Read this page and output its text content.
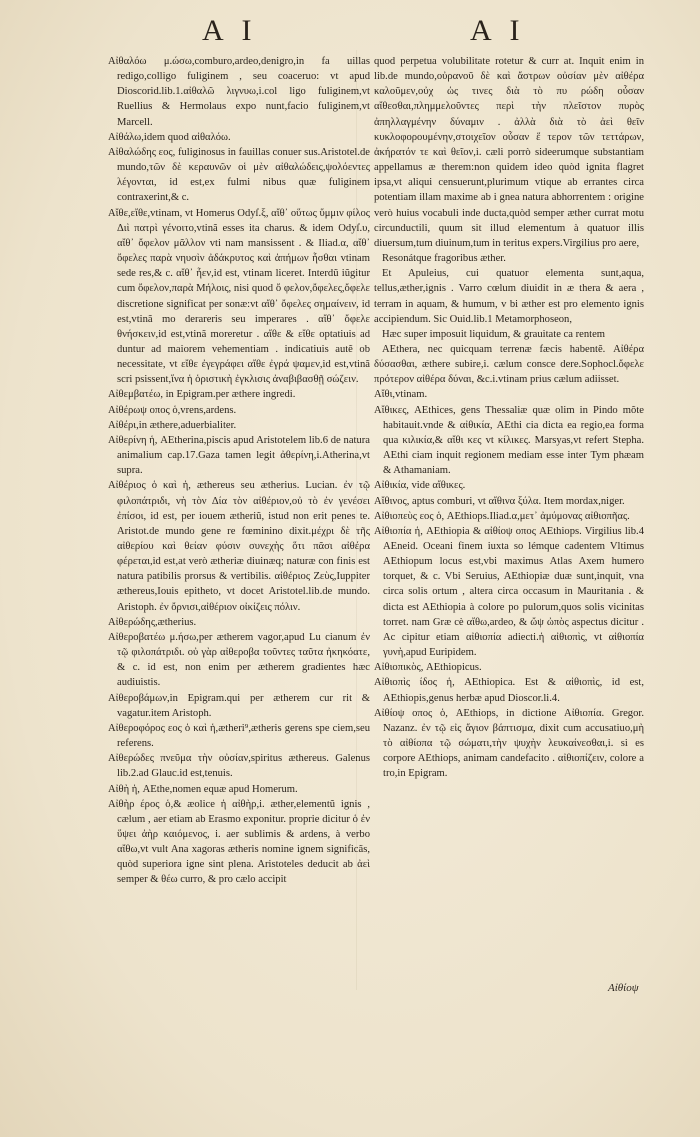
A I	A I

Αἰθαλόω μ.ώσω,comburo,ardeo,denigro,in fa uillas redigo,colligo fuliginem , seu coaceruo: vt apud Dioscorid.lib.1.αἰθαλῶ λιγνυω,i.col ligo fuliginem,vt Ruellius & Hermolaus expo nunt,facio fuliginem,vt Marcell.

Αἰθάλω,idem quod αἰθαλόω.

Αἰθαλώδης εος, fuliginosus in fauillas conuer sus.Aristotel.de mundo,τῶν δὲ κεραυνῶν οἱ μὲν αἰθαλώδεις,ψολόεντες λέγονται, id est,ex fulmi nibus quæ fuliginem contraxerint,& c.

Αἴθε,εἴθε,vtinam, vt Homerus Odyſ.ξ, αἴθ᾽ οὕτως ὕμμιν φίλος Διὶ πατρὶ γένοιτο,vtinã esses ita charus. & idem Odyſ.υ, αἴθ᾽ ὄφελον μᾶλλον vti nam mansissent . & Iliad.α, αἴθ᾽ ὄφελες παρὰ νηυσὶν ἀδάκρυτος καὶ ἀπήμων ἧσθαι vtinam sede res,& c. αἴθ᾽ ἦεν,id est, vtinam liceret. Interdũ iũgitur cum ὄφελον,παρὰ Μήλοις, nisi quod ὄ φελον,ὄφελες,ὄφελε discretione significat per sonæ:vt αἴθ᾽ ὄφελες σημαίνειν, id est,vtinã mo derareris seu imperares . αἴθ᾽ ὄφελε θνήσκειν,id est,vtinã moreretur . αἴθε & εἴθε optatiuis ad duntur ad maiorem vehementiam . indicatiuis autẽ ob necessitate, vt εἴθε ἐγεγράφει αἴθε ἐγρά ψαμεν,id est,vtinã scri psissent,ἵνα ἡ ὁριστικὴ ἐγκλισις ἀναβιβασθῇ σώζειν.

Αἰθεμβατέω, in Epigram.per æthere ingredi.

Αἰθέρωψ οπος ὁ,vrens,ardens.

Αἰθέρι,in æthere,aduerbialiter.

Αἰθερίνη ἡ, AEtherina,piscis apud Aristotelem lib.6 de natura animalium cap.17.Gaza tamen legit ἀθερίνη,i.Atherina,vt supra.

Αἰθέριος ὁ καὶ ἡ, æthereus seu ætherius. Lucian. ἐν τῷ φιλοπάτριδι, νὴ τὸν Δία τὸν αἰθέριον,οὐ τὸ ἐν γενέσει ἐπίσοι, id est, per iouem ætheriũ, istud non erit penes te. Aristot.de mundo gene re fœminino dixit.μέχρι δὲ τῆς αἰθερίου καὶ θείαν φύσιν συνεχὴς ὅτι πᾶσι αἰθέρα φέρεται,id est,at verò ætheriæ diuinæq; naturæ con finis est natura patibilis prorsus & vertibilis. αἰθέριος Ζεὺς,Iuppiter æthereus,Iouis epitheto, vt docet Aristotel.lib.de mundo. Aristoph. ἐν ὄρνισι,αἰθέριον οἰκίζεις πόλιν.

Αἰθερώδης,ætherius.

Αἰθεροβατέω μ.ήσω,per ætherem vagor,apud Lu cianum ἐν τῷ φιλοπάτριδι. οὐ γὰρ αἰθεροβα τοῦντες ταῦτα ἠκηκόατε, & c. id est, non enim per ætherem gradientes hæc audiuistis.

Αἰθεροβάμων,in Epigram.qui per ætherem cur rit & vagatur.item Aristoph.

Αἰθεροφόρος εος ὁ καὶ ἡ,ætheri⁹,ætheris gerens spe ciem,seu referens.

Αἰθερώδες πνεῦμα τὴν οὐσίαν,spiritus æthereus. Galenus lib.2.ad Glauc.id est,tenuis.

Αἰθὴ ἡ, AEthe,nomen equæ apud Homerum.

Αἰθὴρ έρος ὁ,& æolice ἡ αἰθὴρ,i. æther,elementũ ignis , cælum , aer etiam ab Erasmo exponitur. proprie dicitur ὁ ἐν ὕψει ἀὴρ καιόμενος, i. aer sublimis & ardens, à verbo αἴθω,vt vult Ana xagoras ætheris nomine ignem significãs, quòd superiora igne sint plena. Aristoteles deducit ab ἀεὶ semper & θέω curro, & pro cælo accipit

quod perpetua volubilitate rotetur & curr at. Inquit enim in lib.de mundo,οὐρανοῦ δὲ καὶ ἄστρων οὐσίαν μὲν αἰθέρα καλοῦμεν,οὐχ ὡς τινες διὰ τὸ πυ ρώδη οὖσαν αἴθεσθαι,πλημμελοῦντες περὶ τὴν πλεῖστον πυρὸς ἀπηλλαγμένην δύναμιν . ἀλλὰ διὰ τὸ ἀεὶ θεῖν κυκλοφορουμένην,στοιχεῖον οὖσαν ἕ τερον τῶν τεττάρων, ἀκήρατόν τε καὶ θεῖον,i. cæli porrò sideerumque substantiam appellamus æ therem:non quidem ideo quòd ignita flagret ipsa,vt aliqui censuerunt,plurimum vtique ab errantes circa potentiam illam maxime ab i gnea natura abhorrentem : origine verò huius vocabuli inde ducta,quòd semper æther currat motu circunductili, quum sit illud elementum à quatuor illis diuersum,tum diuinum,tum in teritus expers.Virgilius pro aere,

Resonátque fragoribus æther.

Et Apuleius, cui quatuor elementa sunt,aqua, tellus,æther,ignis . Varro cœlum diuidit in æ thera & aera , terram in aquam, & humum, v bi æther est pro elemento ignis accipiendum. Sic Ouid.lib.1 Metamorphoseon,

Hæc super imposuit liquidum, & grauitate ca rentem

AEthera, nec quicquam terrenæ fæcis habentẽ. Αἰθέρα δύσασθαι, æthere subire,i. cælum consce dere.Sophocl.ὄφελε πρότερον αἰθέρα δύναι, &c.i.vtinam prius cælum adiisset.

Αἴθι,vtinam.

Αἴθικες, AEthices, gens Thessaliæ quæ olim in Pindo mõte habitauit.vnde & αἰθικία, AEthi cia dicta ea regio,ea forma qua κιλικία,& αἴθι κες vt κίλικες. Marsyas,vt refert Stepha. AEthi ciam inquit regionem mediam esse inter Tym phæam & Athamaniam.

Αἰθικία, vide αἴθικες.

Αἴθινος, aptus comburi, vt αἴθινα ξύλα. Item mordax,niger.

Αἰθιοπεὺς εος ὁ, AEthiops.Iliad.α,μετ᾽ ἀμύμονας αἰθιοπῆας.

Αἰθιοπία ἡ, AEthiopia & αἰθίοψ οπος AEthiops. Virgilius lib.4 AEneid. Oceani finem iuxta so lémque cadentem Vltimus AEthiopum locus est,vbi maximus Atlas Axem humero torquet, & c. Vbi Seruius, AEthiopiæ duæ sunt,inquit, vna circa solis ortum , altera circa occasum in Mauritania . & dicta est AEthiopia à colore po pulorum,quos solis vicinitas torret. nam Græ cè αἴθω,ardeo, & ὤψ ὠπὸς aspectus dicitur . Ac cipitur etiam αἰθιοπία adiecti.ἡ αἰθιοπὶς, vt αἰθιοπία γυνὴ,apud Euripidem.

Αἰθιοπικὸς, AEthiopicus.

Αἰθιοπὶς ίδος ἡ, AEthiopica. Est & αἰθιοπὶς, id est, AEthiopis,genus herbæ apud Dioscor.li.4.

Αἰθίοψ οπος ὁ, AEthiops, in dictione Αἰθιοπία. Gregor. Nazanz. ἐν τῷ εἰς ἅγιον βάπτισμα, dixit cum accusatiuo,μὴ τὸ αἰθίοπα τῷ σώματι,τὴν ψυχὴν λευκαίνεσθαι,i. si es corpore AEthiops, animam candefacito . αἰθιοπίζειν, colore a tro,in Epigram.

Αἰθίοψ
